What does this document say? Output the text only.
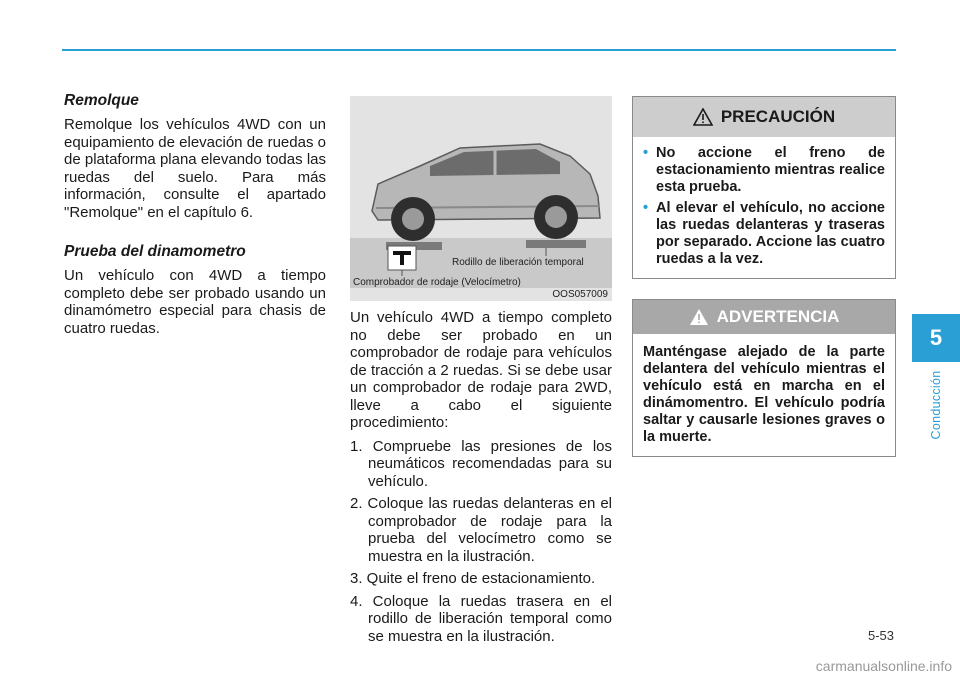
Remolque

Remolque los vehículos 4WD con un equipamiento de elevación de ruedas o de plataforma plana elevando todas las ruedas del suelo. Para más información, consulte el apartado "Remolque" en el capítulo 6.

Prueba del dinamometro

Un vehículo con 4WD a tiempo completo debe ser probado usando un dinamómetro especial para chasis de cuatro ruedas.

Rodillo de liberación temporal
Comprobador de rodaje (Velocímetro)
OOS057009

Un vehículo 4WD a tiempo completo no debe ser probado en un comprobador de rodaje para vehículos de tracción a 2 ruedas. Si se debe usar un comprobador de rodaje para 2WD, lleve a cabo el siguiente procedimiento:

1. Compruebe las presiones de los neumáticos recomendadas para su vehículo.
2. Coloque las ruedas delanteras en el comprobador de rodaje para la prueba del velocímetro como se muestra en la ilustración.
3. Quite el freno de estacionamiento.
4. Coloque la ruedas trasera en el rodillo de liberación temporal como se muestra en la ilustración.
PRECAUCIÓN
• No accione el freno de estacionamiento mientras realice esta prueba.
• Al elevar el vehículo, no accione las ruedas delanteras y traseras por separado. Accione las cuatro ruedas a la vez.
ADVERTENCIA

Manténgase alejado de la parte delantera del vehículo mientras el vehículo está en marcha en el dinámomentro. El vehículo podría saltar y causarle lesiones graves o la muerte.

5
Conducción
5-53
carmanualsonline.info
